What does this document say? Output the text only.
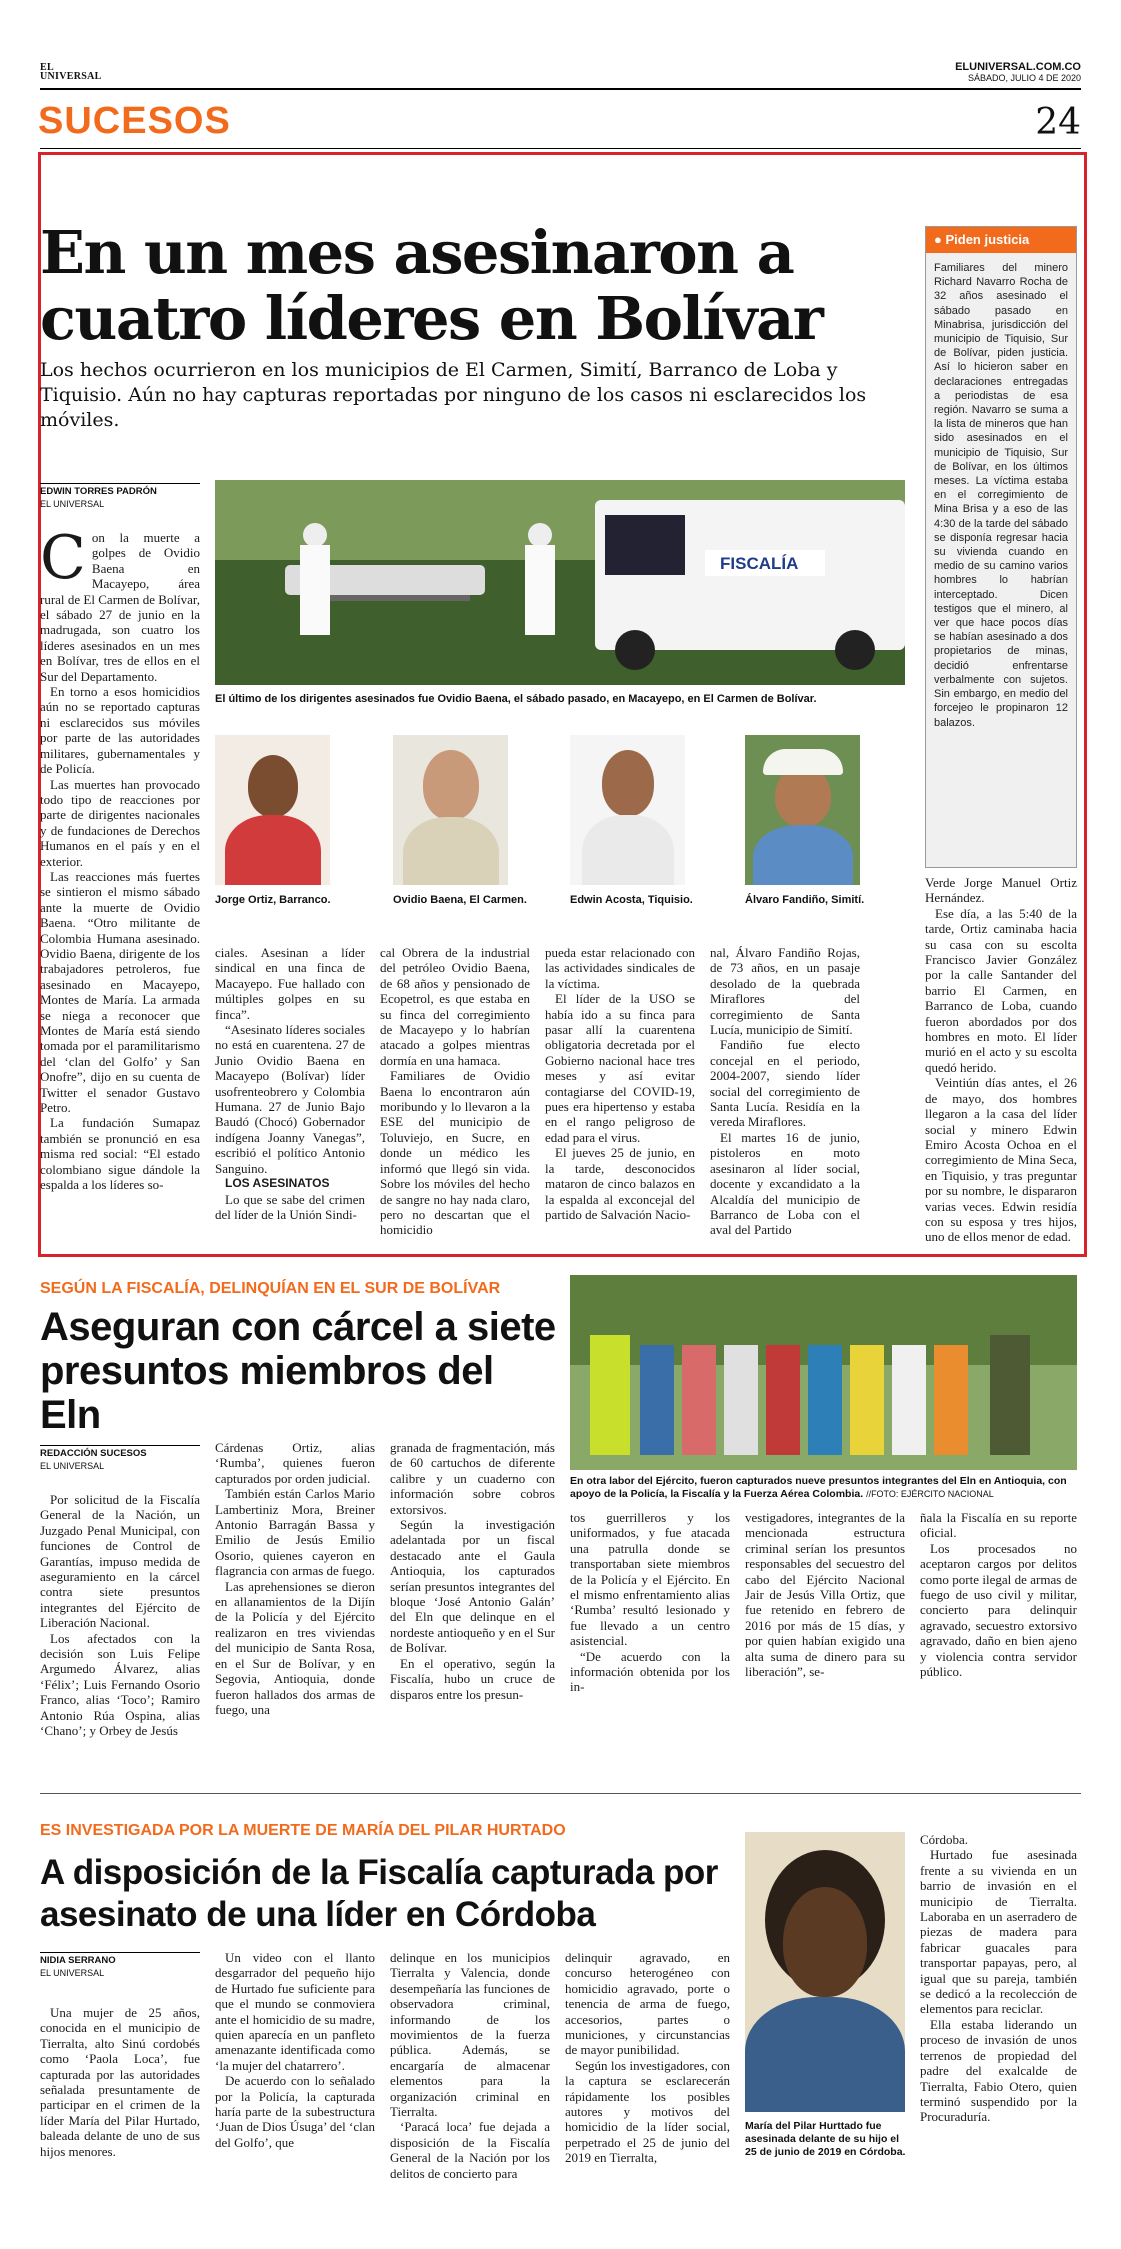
EL
UNIVERSAL
ELUNIVERSAL.COM.CO
SÁBADO, JULIO 4 DE 2020
SUCESOS	24
En un mes asesinaron a cuatro líderes en Bolívar
Los hechos ocurrieron en los municipios de El Carmen, Simití, Barranco de Loba y Tiquisio. Aún no hay capturas reportadas por ninguno de los casos ni esclarecidos los móviles.
EDWIN TORRES PADRÓN
EL UNIVERSAL
FISCALÍA
El último de los dirigentes asesinados fue Ovidio Baena, el sábado pasado, en Macayepo, en El Carmen de Bolívar.
Jorge Ortiz, Barranco.	Ovidio Baena, El Carmen.	Edwin Acosta, Tiquisio.	Álvaro Fandiño, Simití.

Con la muerte a golpes de Ovidio Baena en Macayepo, área rural de El Carmen de Bolívar, el sábado 27 de junio en la madrugada, son cuatro los líderes asesinados en un mes en Bolívar, tres de ellos en el Sur del Departamento.

En torno a esos homicidios aún no se reportado capturas ni esclarecidos sus móviles por parte de las autoridades militares, gubernamentales y de Policía.

Las muertes han provocado todo tipo de reacciones por parte de dirigentes nacionales y de fundaciones de Derechos Humanos en el país y en el exterior.

Las reacciones más fuertes se sintieron el mismo sábado ante la muerte de Ovidio Baena. “Otro militante de Colombia Humana asesinado. Ovidio Baena, dirigente de los trabajadores petroleros, fue asesinado en Macayepo, Montes de María. La armada se niega a reconocer que Montes de María está siendo tomada por el paramilitarismo del ‘clan del Golfo’ y San Onofre”, dijo en su cuenta de Twitter el senador Gustavo Petro.

La fundación Sumapaz también se pronunció en esa misma red social: “El estado colombiano sigue dándole la espalda a los líderes so-

ciales. Asesinan a líder sindical en una finca de Macayepo. Fue hallado con múltiples golpes en su finca”.

“Asesinato líderes sociales no está en cuarentena. 27 de Junio Ovidio Baena en Macayepo (Bolívar) líder usofrenteobrero y Colombia Humana. 27 de Junio Bajo Baudó (Chocó) Gobernador indígena Joanny Vanegas”, escribió el político Antonio Sanguino.

LOS ASESINATOS

Lo que se sabe del crimen del líder de la Unión Sindi-

cal Obrera de la industrial del petróleo Ovidio Baena, de 68 años y pensionado de Ecopetrol, es que estaba en su finca del corregimiento de Macayepo y lo habrían atacado a golpes mientras dormía en una hamaca.

Familiares de Ovidio Baena lo encontraron aún moribundo y lo llevaron a la ESE del municipio de Toluviejo, en Sucre, en donde un médico les informó que llegó sin vida. Sobre los móviles del hecho de sangre no hay nada claro, pero no descartan que el homicidio

pueda estar relacionado con las actividades sindicales de la víctima.

El líder de la USO se había ido a su finca para pasar allí la cuarentena obligatoria decretada por el Gobierno nacional hace tres meses y así evitar contagiarse del COVID-19, pues era hipertenso y estaba en el rango peligroso de edad para el virus.

El jueves 25 de junio, en la tarde, desconocidos mataron de cinco balazos en la espalda al exconcejal del partido de Salvación Nacio-

nal, Álvaro Fandiño Rojas, de 73 años, en un pasaje desolado de la quebrada Miraflores del corregimiento de Santa Lucía, municipio de Simití.

Fandiño fue electo concejal en el periodo, 2004-2007, siendo líder social del corregimiento de Santa Lucía. Residía en la vereda Miraflores.

El martes 16 de junio, pistoleros en moto asesinaron al líder social, docente y excandidato a la Alcaldía del municipio de Barranco de Loba con el aval del Partido

Verde Jorge Manuel Ortiz Hernández.

Ese día, a las 5:40 de la tarde, Ortiz caminaba hacia su casa con su escolta Francisco Javier González por la calle Santander del barrio El Carmen, en Barranco de Loba, cuando fueron abordados por dos hombres en moto. El líder murió en el acto y su escolta quedó herido.

Veintiún días antes, el 26 de mayo, dos hombres llegaron a la casa del líder social y minero Edwin Emiro Acosta Ochoa en el corregimiento de Mina Seca, en Tiquisio, y tras preguntar por su nombre, le dispararon varias veces. Edwin residía con su esposa y tres hijos, uno de ellos menor de edad.

● Piden justicia
Familiares del minero Richard Navarro Rocha de 32 años asesinado el sábado pasado en Minabrisa, jurisdicción del municipio de Tiquisio, Sur de Bolívar, piden justicia. Así lo hicieron saber en declaraciones entregadas a periodistas de esa región. Navarro se suma a la lista de mineros que han sido asesinados en el municipio de Tiquisio, Sur de Bolívar, en los últimos meses. La víctima estaba en el corregimiento de Mina Brisa y a eso de las 4:30 de la tarde del sábado se disponía regresar hacia su vivienda cuando en medio de su camino varios hombres lo habrían interceptado. Dicen testigos que el minero, al ver que hace pocos días se habían asesinado a dos propietarios de minas, decidió enfrentarse verbalmente con sujetos. Sin embargo, en medio del forcejeo le propinaron 12 balazos.
SEGÚN LA FISCALÍA, DELINQUÍAN EN EL SUR DE BOLÍVAR
Aseguran con cárcel a siete presuntos miembros del Eln
REDACCIÓN SUCESOS
EL UNIVERSAL
En otra labor del Ejército, fueron capturados nueve presuntos integrantes del Eln en Antioquia, con apoyo de la Policía, la Fiscalía y la Fuerza Aérea Colombia. //FOTO: EJÉRCITO NACIONAL

Por solicitud de la Fiscalía General de la Nación, un Juzgado Penal Municipal, con funciones de Control de Garantías, impuso medida de aseguramiento en la cárcel contra siete presuntos integrantes del Ejército de Liberación Nacional.

Los afectados con la decisión son Luis Felipe Argumedo Álvarez, alias ‘Félix’; Luis Fernando Osorio Franco, alias ‘Toco’; Ramiro Antonio Rúa Ospina, alias ‘Chano’; y Orbey de Jesús

Cárdenas Ortiz, alias ‘Rumba’, quienes fueron capturados por orden judicial.

También están Carlos Mario Lambertiniz Mora, Breiner Antonio Barragán Bassa y Emilio de Jesús Emilio Osorio, quienes cayeron en flagrancia con armas de fuego.

Las aprehensiones se dieron en allanamientos de la Dijín de la Policía y del Ejército realizaron en tres viviendas del municipio de Santa Rosa, en el Sur de Bolívar, y en Segovia, Antioquia, donde fueron hallados dos armas de fuego, una

granada de fragmentación, más de 60 cartuchos de diferente calibre y un cuaderno con información sobre cobros extorsivos.

Según la investigación adelantada por un fiscal destacado ante el Gaula Antioquia, los capturados serían presuntos integrantes del bloque ‘José Antonio Galán’ del Eln que delinque en el nordeste antioqueño y en el Sur de Bolívar.

En el operativo, según la Fiscalía, hubo un cruce de disparos entre los presun-

tos guerrilleros y los uniformados, y fue atacada una patrulla donde se transportaban siete miembros de la Policía y el Ejército. En el mismo enfrentamiento alias ‘Rumba’ resultó lesionado y fue llevado a un centro asistencial.

“De acuerdo con la información obtenida por los in-

vestigadores, integrantes de la mencionada estructura criminal serían los presuntos responsables del secuestro del cabo del Ejército Nacional Jair de Jesús Villa Ortiz, que fue retenido en febrero de 2016 por más de 15 días, y por quien habían exigido una alta suma de dinero para su liberación”, se-

ñala la Fiscalía en su reporte oficial.

Los procesados no aceptaron cargos por delitos como porte ilegal de armas de fuego de uso civil y militar, concierto para delinquir agravado, secuestro extorsivo agravado, daño en bien ajeno y violencia contra servidor público.

ES INVESTIGADA POR LA MUERTE DE MARÍA DEL PILAR HURTADO
A disposición de la Fiscalía capturada por asesinato de una líder en Córdoba
NIDIA SERRANO
EL UNIVERSAL
María del Pilar Hurttado fue asesinada delante de su hijo el 25 de junio de 2019 en Córdoba.

Una mujer de 25 años, conocida en el municipio de Tierralta, alto Sinú cordobés como ‘Paola Loca’, fue capturada por las autoridades señalada presuntamente de participar en el crimen de la líder María del Pilar Hurtado, baleada delante de uno de sus hijos menores.

Un video con el llanto desgarrador del pequeño hijo de Hurtado fue suficiente para que el mundo se conmoviera ante el homicidio de su madre, quien aparecía en un panfleto amenazante identificada como ‘la mujer del chatarrero’.

De acuerdo con lo señalado por la Policía, la capturada haría parte de la subestructura ‘Juan de Dios Úsuga’ del ‘clan del Golfo’, que

delinque en los municipios Tierralta y Valencia, donde desempeñaría las funciones de observadora criminal, informando de los movimientos de la fuerza pública. Además, se encargaría de almacenar elementos para la organización criminal en Tierralta.

‘Paracá loca’ fue dejada a disposición de la Fiscalía General de la Nación por los delitos de concierto para

delinquir agravado, en concurso heterogéneo con homicidio agravado, porte o tenencia de arma de fuego, accesorios, partes o municiones, y circunstancias de mayor punibilidad.

Según los investigadores, con la captura se esclarecerán rápidamente los posibles autores y motivos del homicidio de la líder social, perpetrado el 25 de junio del 2019 en Tierralta,

Córdoba.

Hurtado fue asesinada frente a su vivienda en un barrio de invasión en el municipio de Tierralta. Laboraba en un aserradero de piezas de madera para fabricar guacales para transportar papayas, pero, al igual que su pareja, también se dedicó a la recolección de elementos para reciclar.

Ella estaba liderando un proceso de invasión de unos terrenos de propiedad del padre del exalcalde de Tierralta, Fabio Otero, quien terminó suspendido por la Procuraduría.
